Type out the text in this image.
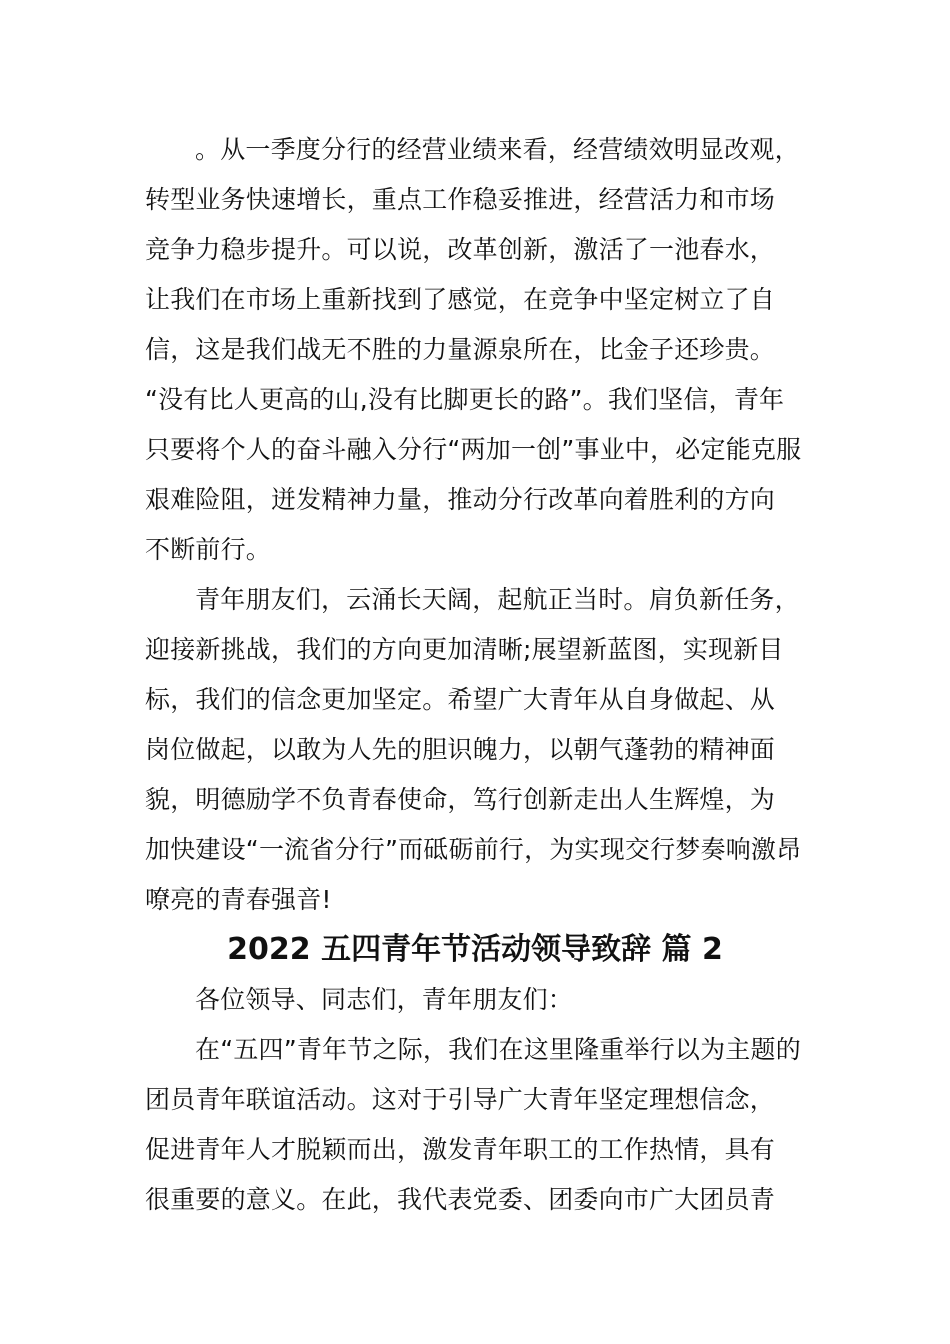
。从一季度分行的经营业绩来看，经营绩效明显改观，
转型业务快速增长，重点工作稳妥推进，经营活力和市场
竞争力稳步提升。可以说，改革创新，激活了一池春水，
让我们在市场上重新找到了感觉，在竞争中坚定树立了自
信，这是我们战无不胜的力量源泉所在，比金子还珍贵。
“没有比人更高的山,没有比脚更长的路”。我们坚信，青年
只要将个人的奋斗融入分行“两加一创”事业中，必定能克服
艰难险阻，迸发精神力量，推动分行改革向着胜利的方向
不断前行。
青年朋友们，云涌长天阔，起航正当时。肩负新任务，
迎接新挑战，我们的方向更加清晰;展望新蓝图，实现新目
标，我们的信念更加坚定。希望广大青年从自身做起、从
岗位做起，以敢为人先的胆识魄力，以朝气蓬勃的精神面
貌，明德励学不负青春使命，笃行创新走出人生辉煌，为
加快建设“一流省分行”而砥砺前行，为实现交行梦奏响激昂
嘹亮的青春强音!
2022 五四青年节活动领导致辞 篇 2
各位领导、同志们，青年朋友们：
在“五四”青年节之际，我们在这里隆重举行以为主题的
团员青年联谊活动。这对于引导广大青年坚定理想信念，
促进青年人才脱颖而出，激发青年职工的工作热情，具有
很重要的意义。在此，我代表党委、团委向市广大团员青
